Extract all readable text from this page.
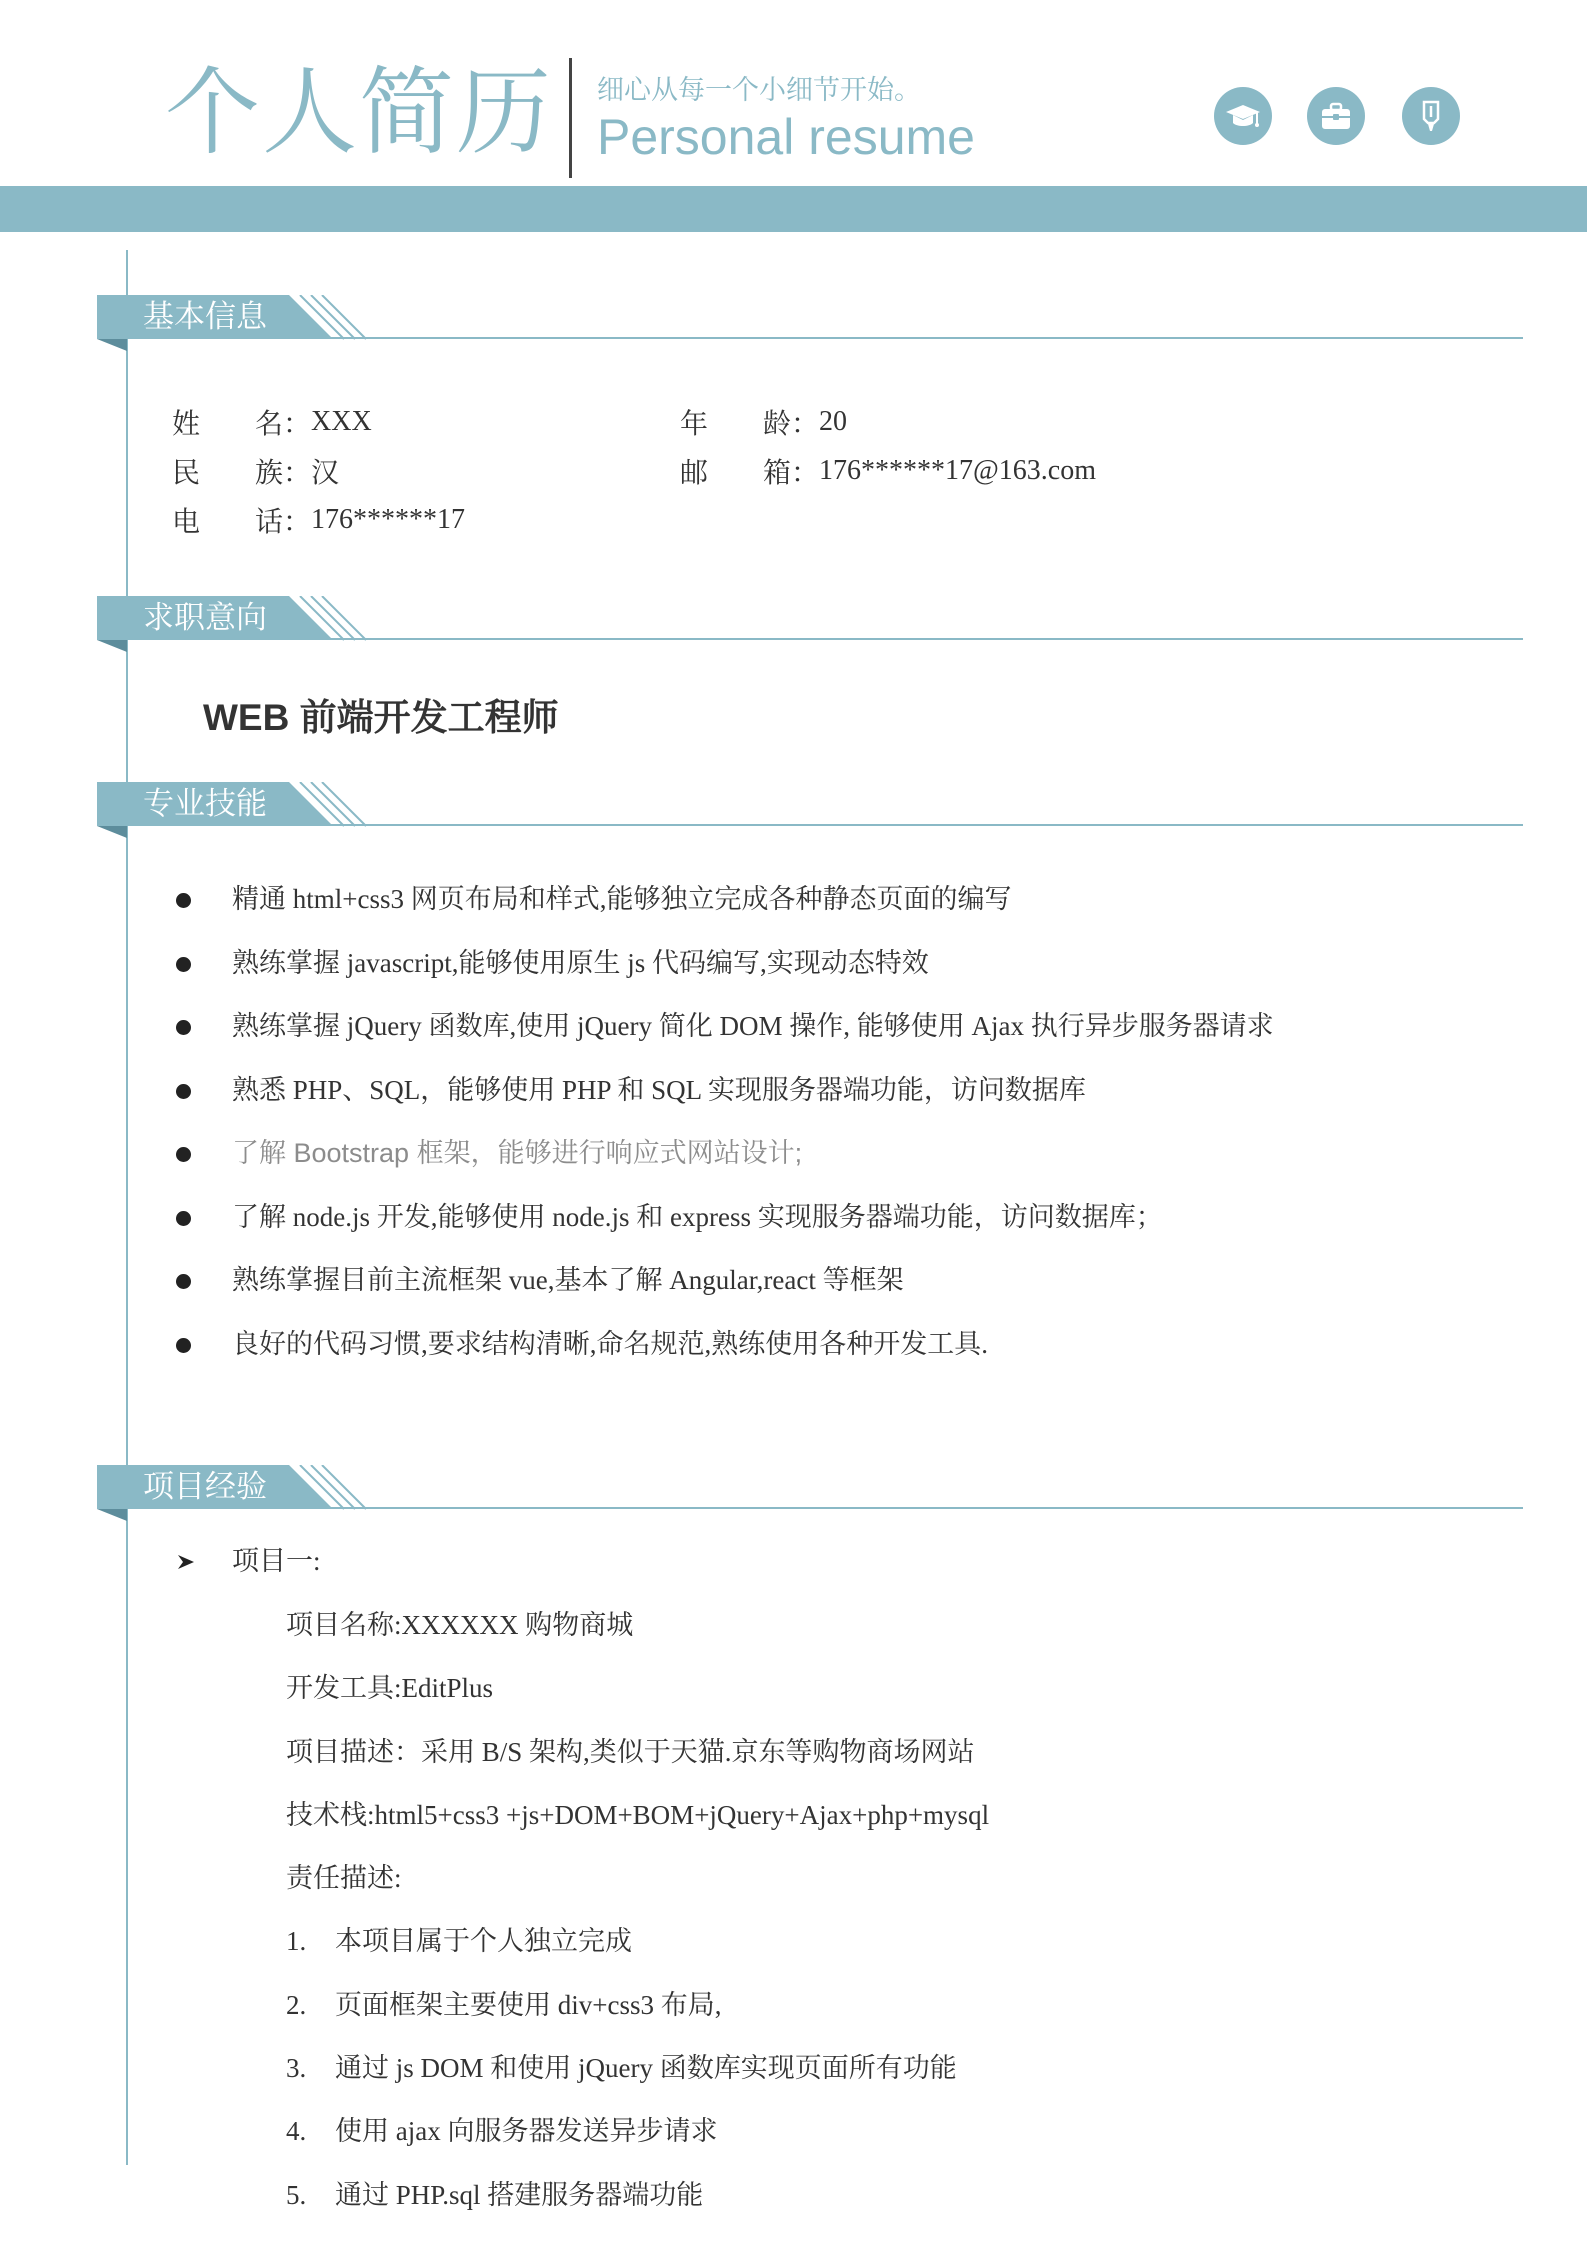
个人简历 细心从每一个小细节开始。
Personal resume
基本信息
姓	名： XXX	年	龄： 20
民	族： 汉	邮	箱： 176******17@163.com
电	话： 176******17
求职意向
WEB 前端开发工程师
专业技能
精通 html+css3 网页布局和样式,能够独立完成各种静态页面的编写
熟练掌握 javascript,能够使用原生 js 代码编写,实现动态特效
熟练掌握 jQuery 函数库,使用 jQuery 简化 DOM 操作, 能够使用 Ajax 执行异步服务器请求
熟悉 PHP、SQL，能够使用 PHP 和 SQL 实现服务器端功能，访问数据库
了解 Bootstrap 框架，能够进行响应式网站设计;
了解 node.js 开发,能够使用 node.js 和 express 实现服务器端功能，访问数据库；
熟练掌握目前主流框架 vue,基本了解 Angular,react 等框架
良好的代码习惯,要求结构清晰,命名规范,熟练使用各种开发工具.
项目经验
项目一:
项目名称:XXXXXX 购物商城
开发工具:EditPlus
项目描述：采用 B/S 架构,类似于天猫.京东等购物商场网站
技术栈:html5+css3 +js+DOM+BOM+jQuery+Ajax+php+mysql
责任描述:
1. 本项目属于个人独立完成
2. 页面框架主要使用 div+css3 布局,
3. 通过 js DOM 和使用 jQuery 函数库实现页面所有功能
4. 使用 ajax 向服务器发送异步请求
5. 通过 PHP.sql 搭建服务器端功能
